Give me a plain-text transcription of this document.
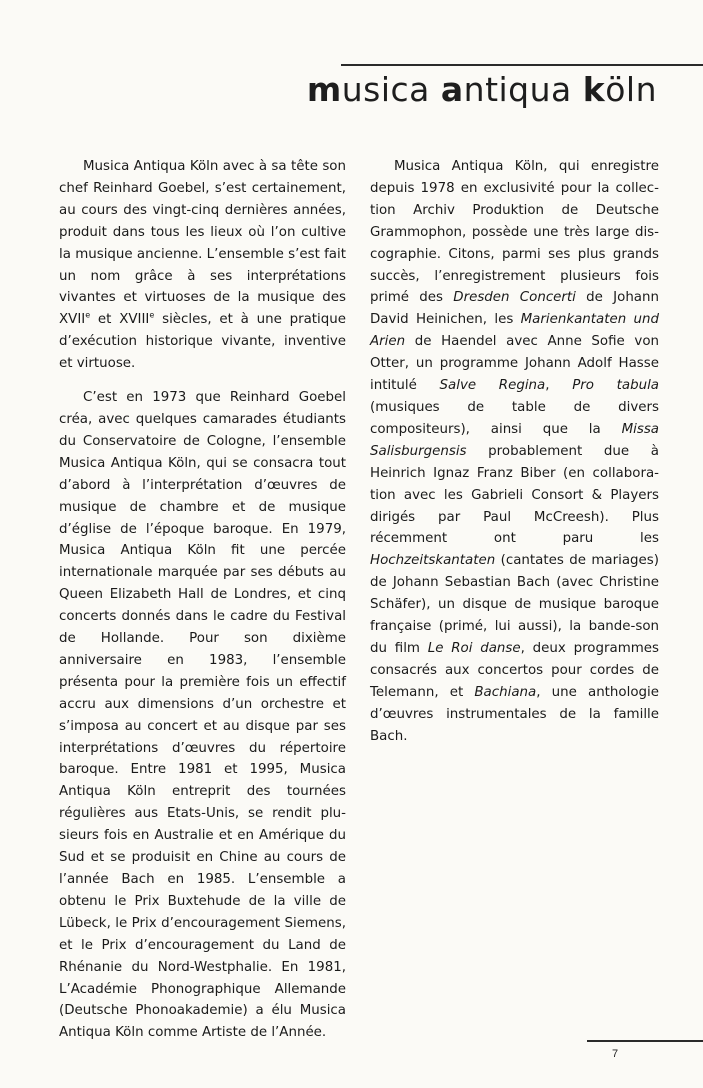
musica antiqua köln

Musica Antiqua Köln avec à sa tête son chef Reinhard Goebel, s’est certainement, au cours des vingt-cinq dernières années, produit dans tous les lieux où l’on cultive la musique ancienne. L’ensemble s’est fait un nom grâce à ses interprétations vivantes et virtuoses de la musique des XVIIe et XVIIIe siècles, et à une pratique d’exécution historique vivante, inventive et virtuose.

C’est en 1973 que Reinhard Goebel créa, avec quelques camarades étudiants du Conservatoire de Cologne, l’ensemble Musica Antiqua Köln, qui se consacra tout d’abord à l’interprétation d’œuvres de musique de chambre et de musique d’église de l’époque baroque. En 1979, Musica Antiqua Köln fit une percée internationale marquée par ses débuts au Queen Elizabeth Hall de Londres, et cinq concerts donnés dans le cadre du Festival de Hollande. Pour son dixième anniversaire en 1983, l’ensemble présenta pour la première fois un effectif accru aux dimensions d’un orchestre et s’imposa au concert et au disque par ses interprétations d’œuvres du répertoire baroque. Entre 1981 et 1995, Musica Antiqua Köln entreprit des tournées régulières aus Etats-Unis, se rendit plusieurs fois en Australie et en Amérique du Sud et se produisit en Chine au cours de l’année Bach en 1985. L’ensemble a obtenu le Prix Buxtehude de la ville de Lübeck, le Prix d’encouragement Siemens, et le Prix d’encouragement du Land de Rhénanie du Nord-Westphalie. En 1981, L’Académie Phonographique Allemande (Deutsche Phonoakademie) a élu Musica Antiqua Köln comme Artiste de l’Année.

Musica Antiqua Köln, qui enregistre depuis 1978 en exclusivité pour la collection Archiv Produktion de Deutsche Grammophon, possède une très large discographie. Citons, parmi ses plus grands succès, l’enregistrement plusieurs fois primé des Dresden Concerti de Johann David Heinichen, les Marienkantaten und Arien de Haendel avec Anne Sofie von Otter, un programme Johann Adolf Hasse intitulé Salve Regina, Pro tabula (musiques de table de divers compositeurs), ainsi que la Missa Salisburgensis probablement due à Heinrich Ignaz Franz Biber (en collaboration avec les Gabrieli Consort & Players dirigés par Paul McCreesh). Plus récemment ont paru les Hochzeitskantaten (cantates de mariages) de Johann Sebastian Bach (avec Christine Schäfer), un disque de musique baroque française (primé, lui aussi), la bande-son du film Le Roi danse, deux programmes consacrés aux concertos pour cordes de Telemann, et Bachiana, une anthologie d’œuvres instrumentales de la famille Bach.

7
